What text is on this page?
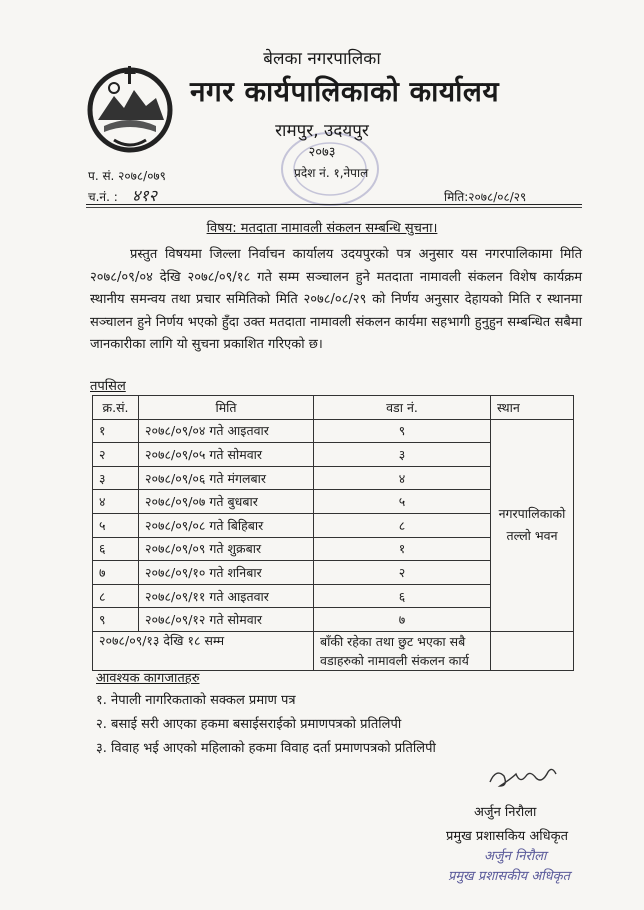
बेलका नगरपालिका
नगर कार्यपालिकाको कार्यालय
रामपुर, उदयपुर
२०७३
प्रदेश नं. १,नेपाल
प. सं. २०७८/०७९
च.नं. : ४१२	मिति:२०७८/०८/२९
विषय: मतदाता नामावली संकलन सम्बन्धि सुचना।

प्रस्तुत विषयमा जिल्ला निर्वाचन कार्यालय उदयपुरको पत्र अनुसार यस नगरपालिकामा मिति २०७८/०९/०४ देखि २०७८/०९/१८ गते सम्म सञ्चालन हुने मतदाता नामावली संकलन विशेष कार्यक्रम स्थानीय समन्वय तथा प्रचार समितिको मिति २०७८/०८/२९ को निर्णय अनुसार देहायको मिति र स्थानमा सञ्चालन हुने निर्णय भएको हुँदा उक्त मतदाता नामावली संकलन कार्यमा सहभागी हुनुहुन सम्बन्धित सबैमा जानकारीका लागि यो सुचना प्रकाशित गरिएको छ।

तपसिल
क्र.सं.	मिति	वडा नं.	स्थान
१	२०७८/०९/०४ गते आइतवार	९	नगरपालिकाको तल्लो भवन
२	२०७८/०९/०५ गते सोमवार	३	
३	२०७८/०९/०६ गते मंगलबार	४	
४	२०७८/०९/०७ गते बुधबार	५	
५	२०७८/०९/०८ गते बिहिबार	८	
६	२०७८/०९/०९ गते शुक्रबार	१	
७	२०७८/०९/१० गते शनिबार	२	
८	२०७८/०९/११ गते आइतवार	६	
९	२०७८/०९/१२ गते सोमवार	७	
२०७८/०९/१३ देखि १८ सम्म		बाँकी रहेका तथा छुट भएका सबै वडाहरुको नामावली संकलन कार्य	
आवश्यक कागजातहरु
१. नेपाली नागरिकताको सक्कल प्रमाण पत्र
२. बसाई सरी आएका हकमा बसाईसराईको प्रमाणपत्रको प्रतिलिपी
३. विवाह भई आएको महिलाको हकमा विवाह दर्ता प्रमाणपत्रको प्रतिलिपी
अर्जुन निरौला
प्रमुख प्रशासकिय अधिकृत
अर्जुन निरौला
प्रमुख प्रशासकीय अधिकृत
